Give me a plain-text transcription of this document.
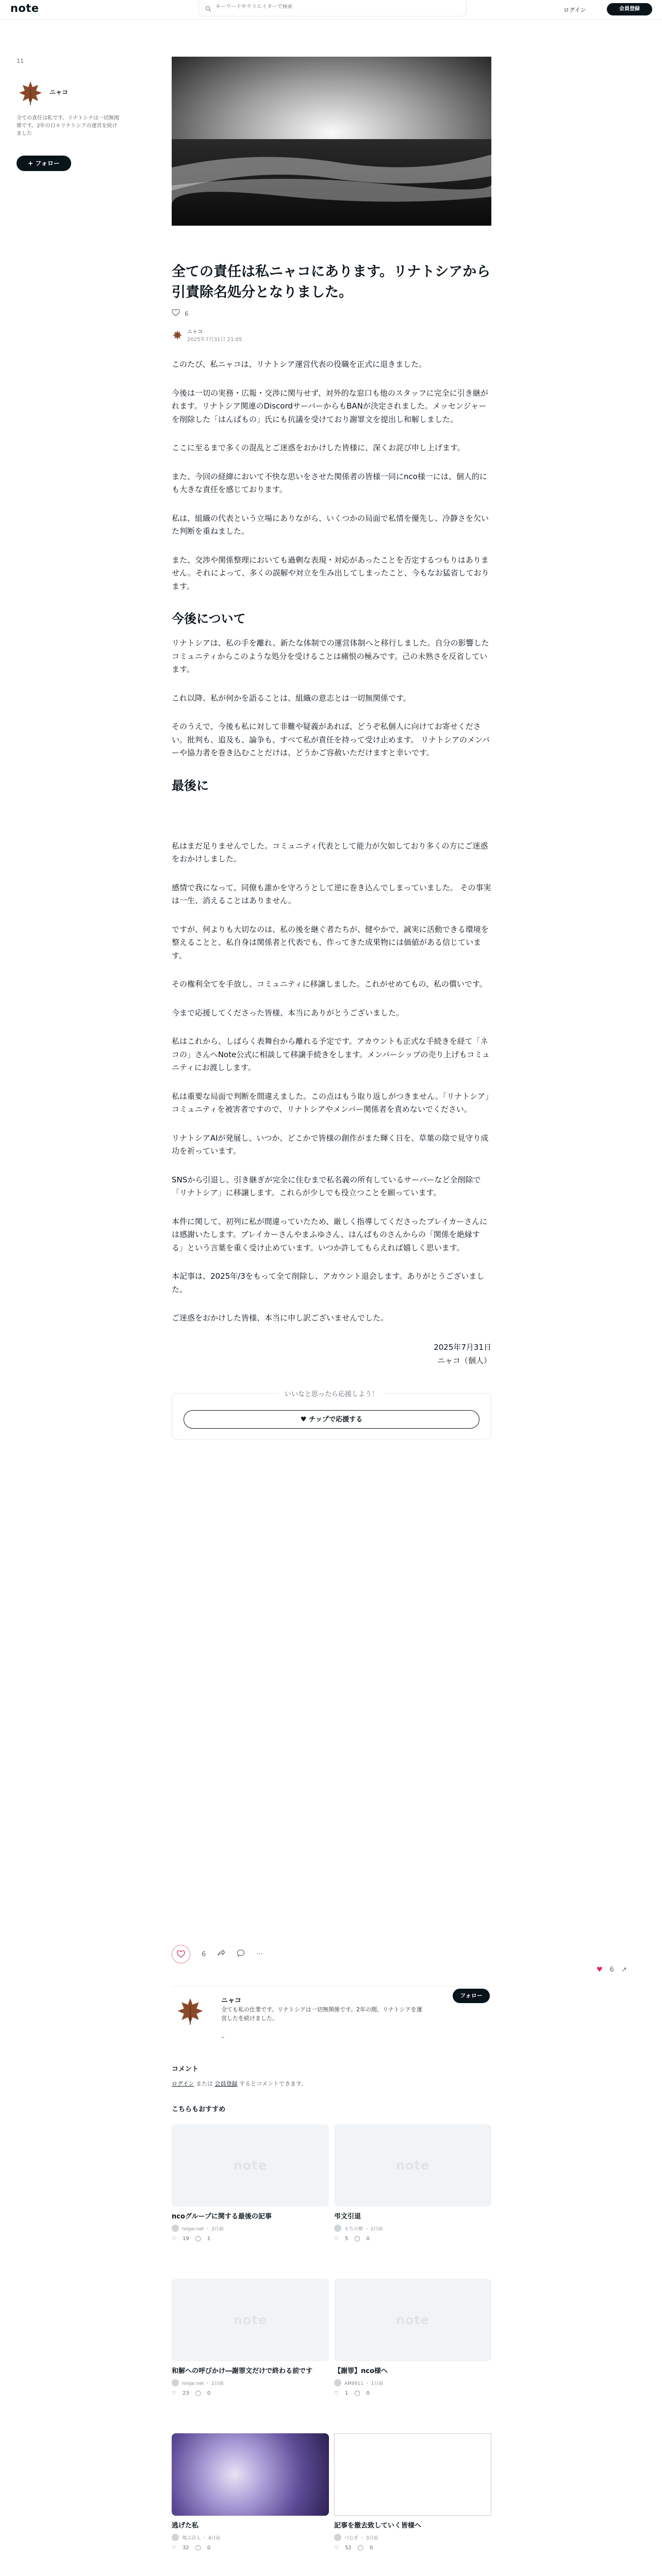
note
キーワードやクリエイターで検索	ログイン	会員登録
11
ニャコ
全ての責任は私です。リナトシナは一切無関係です。2年の日々リナトシアの運営を続けました
+ フォロー
全ての責任は私ニャコにあります。リナトシアから引責除名処分となりました。
6
ニャコ
2025年7月31日 21:05

このたび、私ニャコは、リナトシア運営代表の役職を正式に退きました。

今後は一切の実務・広報・交渉に関与せず、対外的な窓口も他のスタッフに完全に引き継がれます。リナトシア関連のDiscordサーバーからもBANが決定されました。メッセンジャーを削除した「はんぱもの」氏にも抗議を受けており謝罪文を提出し和解しました。

ここに至るまで多くの混乱とご迷惑をおかけした皆様に、深くお詫び申し上げます。

また、今回の経緯において不快な思いをさせた関係者の皆様一同にnco様一には、個人的にも大きな責任を感じております。

私は、組織の代表という立場にありながら、いくつかの局面で私情を優先し、冷静さを欠いた判断を重ねました。

また、交渉や関係整理においても過剰な表現・対応があったことを否定するつもりはありません。それによって、多くの誤解や対立を生み出してしまったこと、今もなお猛省しております。

今後について

リナトシアは、私の手を離れ、新たな体制での運営体制へと移行しました。自分の影響したコミュニティからこのような処分を受けることは痛恨の極みです。己の未熟さを反省しています。

これ以降、私が何かを語ることは、組織の意志とは一切無関係です。

そのうえで、今後も私に対して非難や疑義があれば、どうぞ私個人に向けてお寄せください。批判も、追及も、論争も、すべて私が責任を持って受け止めます。 リナトシアのメンバーや協力者を巻き込むことだけは、どうかご容赦いただけますと幸いです。

最後に

私はまだ足りませんでした。コミュニティ代表として能力が欠如しており多くの方にご迷惑をおかけしました。

感情で我になって、同僚も誰かを守ろうとして逆に巻き込んでしまっていました。 その事実は一生、消えることはありません。

ですが、何よりも大切なのは、私の後を継ぐ者たちが、健やかで、誠実に活動できる環境を整えることと、私自身は関係者と代表でも、作ってきた成果物には価値がある信じています。

その権利全てを手放し、コミュニティに移譲しました。これがせめてもの、私の償いです。

今まで応援してくださった皆様、本当にありがとうございました。

私はこれから、しばらく表舞台から離れる予定です。アカウントも正式な手続きを経て「ネコの」さんへNote公式に相談して移譲手続きをします。メンバーシップの売り上げもコミュニティにお渡しします。

私は重要な局面で判断を間違えました。この点はもう取り返しがつきません。「リナトシア」コミュニティを被害者ですので、リナトシアやメンバー関係者を責めないでください。

リナトシアAIが発展し、いつか、どこかで皆様の創作がまた輝く日を、草葉の陰で見守り成功を祈っています。

SNSから引退し、引き継ぎが完全に住むまで私名義の所有しているサーバーなど全削除で「リナトシア」に移譲します。これらが少しでも役立つことを願っています。

本件に関して、初列に私が間違っていたため、厳しく指導してくださったブレイカーさんには感謝いたします。ブレイカーさんやまふゆさん、はんぱものさんからの「関係を絶縁する」という言葉を重く受け止めています。いつか許してもらえれば嬉しく思います。

本記事は、2025年/3をもって全て削除し、アカウント退会します。ありがとうございました。

ご迷惑をおかけした皆様、本当に申し訳ございませんでした。

2025年7月31日
ニャコ（個人）
いいなと思ったら応援しよう！
♥ チップで応援する
6	···
♥ 6 ↗
ニャコ
全ても私の仕業です。リナトシアは一切無関係です。2年の間、リナトシアを運営したを続けました。
⌁
フォロー
コメント
ログイン または 会員登録 するとコメントできます。
こちらもおすすめ
note
ncoグループに関する最後の記事
ninjar.net ・ 2日前
♡ 19 ◯ 1
note
弔文引退
もちの館 ・ 2日前
♡ 5 ◯ 0
note
和解への呼びかけ―謝罪文だけで終わる前です
ninjar.net ・ 2日前
♡ 23 ◯ 0
note
【謝罪】nco様へ
AM9911 ・ 1日前
♡ 1 ◯ 0
逃げた私
翔ぶ詩人 ・ 4日前
♡ 32 ◯ 0
記事を撤去致していく皆様へ
つむぎ ・ 3日前
♡ 52 ◯ 0
